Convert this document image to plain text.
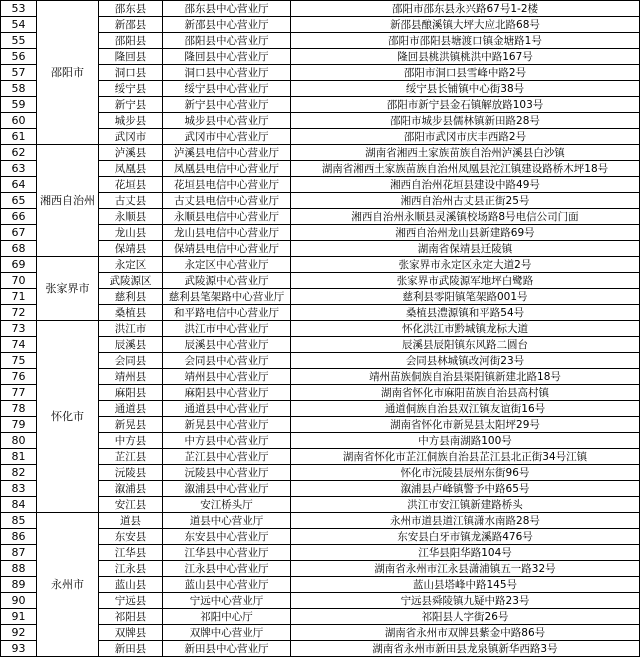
53	邵阳市	邵东县	邵东县中心营业厅	邵阳市邵东县永兴路67号1-2楼
54		新邵县	新邵县中心营业厅	新邵县酿溪镇大坪大应北路68号
55		邵阳县	邵阳县中心营业厅	邵阳市邵阳县塘渡口镇金塘路1号
56		隆回县	隆回县中心营业厅	隆回县桃洪镇桃洪中路167号
57		洞口县	洞口县中心营业厅	邵阳市洞口县雪峰中路2号
58		绥宁县	绥宁县中心营业厅	绥宁县长铺镇中心街38号
59		新宁县	新宁县中心营业厅	邵阳市新宁县金石镇解放路103号
60		城步县	城步县中心营业厅	邵阳市城步县儒林镇新田路28号
61		武冈市	武冈市中心营业厅	邵阳市武冈市庆丰西路2号
62	湘西自治州	泸溪县	泸溪县电信中心营业厅	湖南省湘西土家族苗族自治州泸溪县白沙镇
63		凤凰县	凤凰县电信中心营业厅	湖南省湘西土家族苗族自治州凤凰县沱江镇建设路桥木坪18号
64		花垣县	花垣县电信中心营业厅	湘西自治州花垣县建设中路49号
65		古丈县	古丈县电信中心营业厅	湘西自治州古丈县正街25号
66		永顺县	永顺县电信中心营业厅	湘西自治州永顺县灵溪镇校场路8号电信公司门面
67		龙山县	龙山县电信中心营业厅	湘西自治州龙山县新建路69号
68		保靖县	保靖县电信中心营业厅	湖南省保靖县迁陵镇
69	张家界市	永定区	永定区中心营业厅	张家界市永定区永定大道2号
70		武陵源区	武陵源中心营业厅	张家界市武陵源军地坪白鹭路
71		慈利县	慈利县笔架路中心营业厅	慈利县零阳镇笔架路001号
72		桑植县	和平路电信中心营业厅	桑植县澧源镇和平路54号
73	怀化市	洪江市	洪江市中心营业厅	怀化洪江市黔城镇龙标大道
74		辰溪县	辰溪县中心营业厅	辰溪县辰阳镇东风路二圆台
75		会同县	会同县中心营业厅	会同县林城镇改河街23号
76		靖州县	靖州县中心营业厅	靖州苗族侗族自治县渠阳镇新建北路18号
77		麻阳县	麻阳县中心营业厅	湖南省怀化市麻阳苗族自治县高村镇
78		通道县	通道县中心营业厅	通道侗族自治县双江镇友谊街16号
79		新晃县	新晃县中心营业厅	湖南省怀化市新晃县太阳坪29号
80		中方县	中方县中心营业厅	中方县南湖路100号
81		芷江县	芷江县中心营业厅	湖南省怀化市芷江侗族自治县芷江县北正街34号江镇
82		沅陵县	沅陵县中心营业厅	怀化市沅陵县辰州东街96号
83		溆浦县	溆浦县中心营业厅	溆浦县卢峰镇警予中路65号
84		安江县	安江桥头厅	洪江市安江镇新建路桥头
85	永州市	道县	道县中心营业厅	永州市道县道江镇潇水南路28号
86		东安县	东安县中心营业厅	东安县白牙市镇龙溪路476号
87		江华县	江华县中心营业厅	江华县阳华路104号
88		江永县	江永县中心营业厅	湖南省永州市江永县潇浦镇五一路32号
89		蓝山县	蓝山县中心营业厅	蓝山县塔峰中路145号
90		宁远县	宁远中心营业厅	宁远县舜陵镇九疑中路23号
91		祁阳县	祁阳中心厅	祁阳县人字街26号
92		双牌县	双牌中心营业厅	湖南省永州市双牌县紫金中路86号
93		新田县	新田县中心营业厅	湖南省永州市新田县龙泉镇新华西路3号
